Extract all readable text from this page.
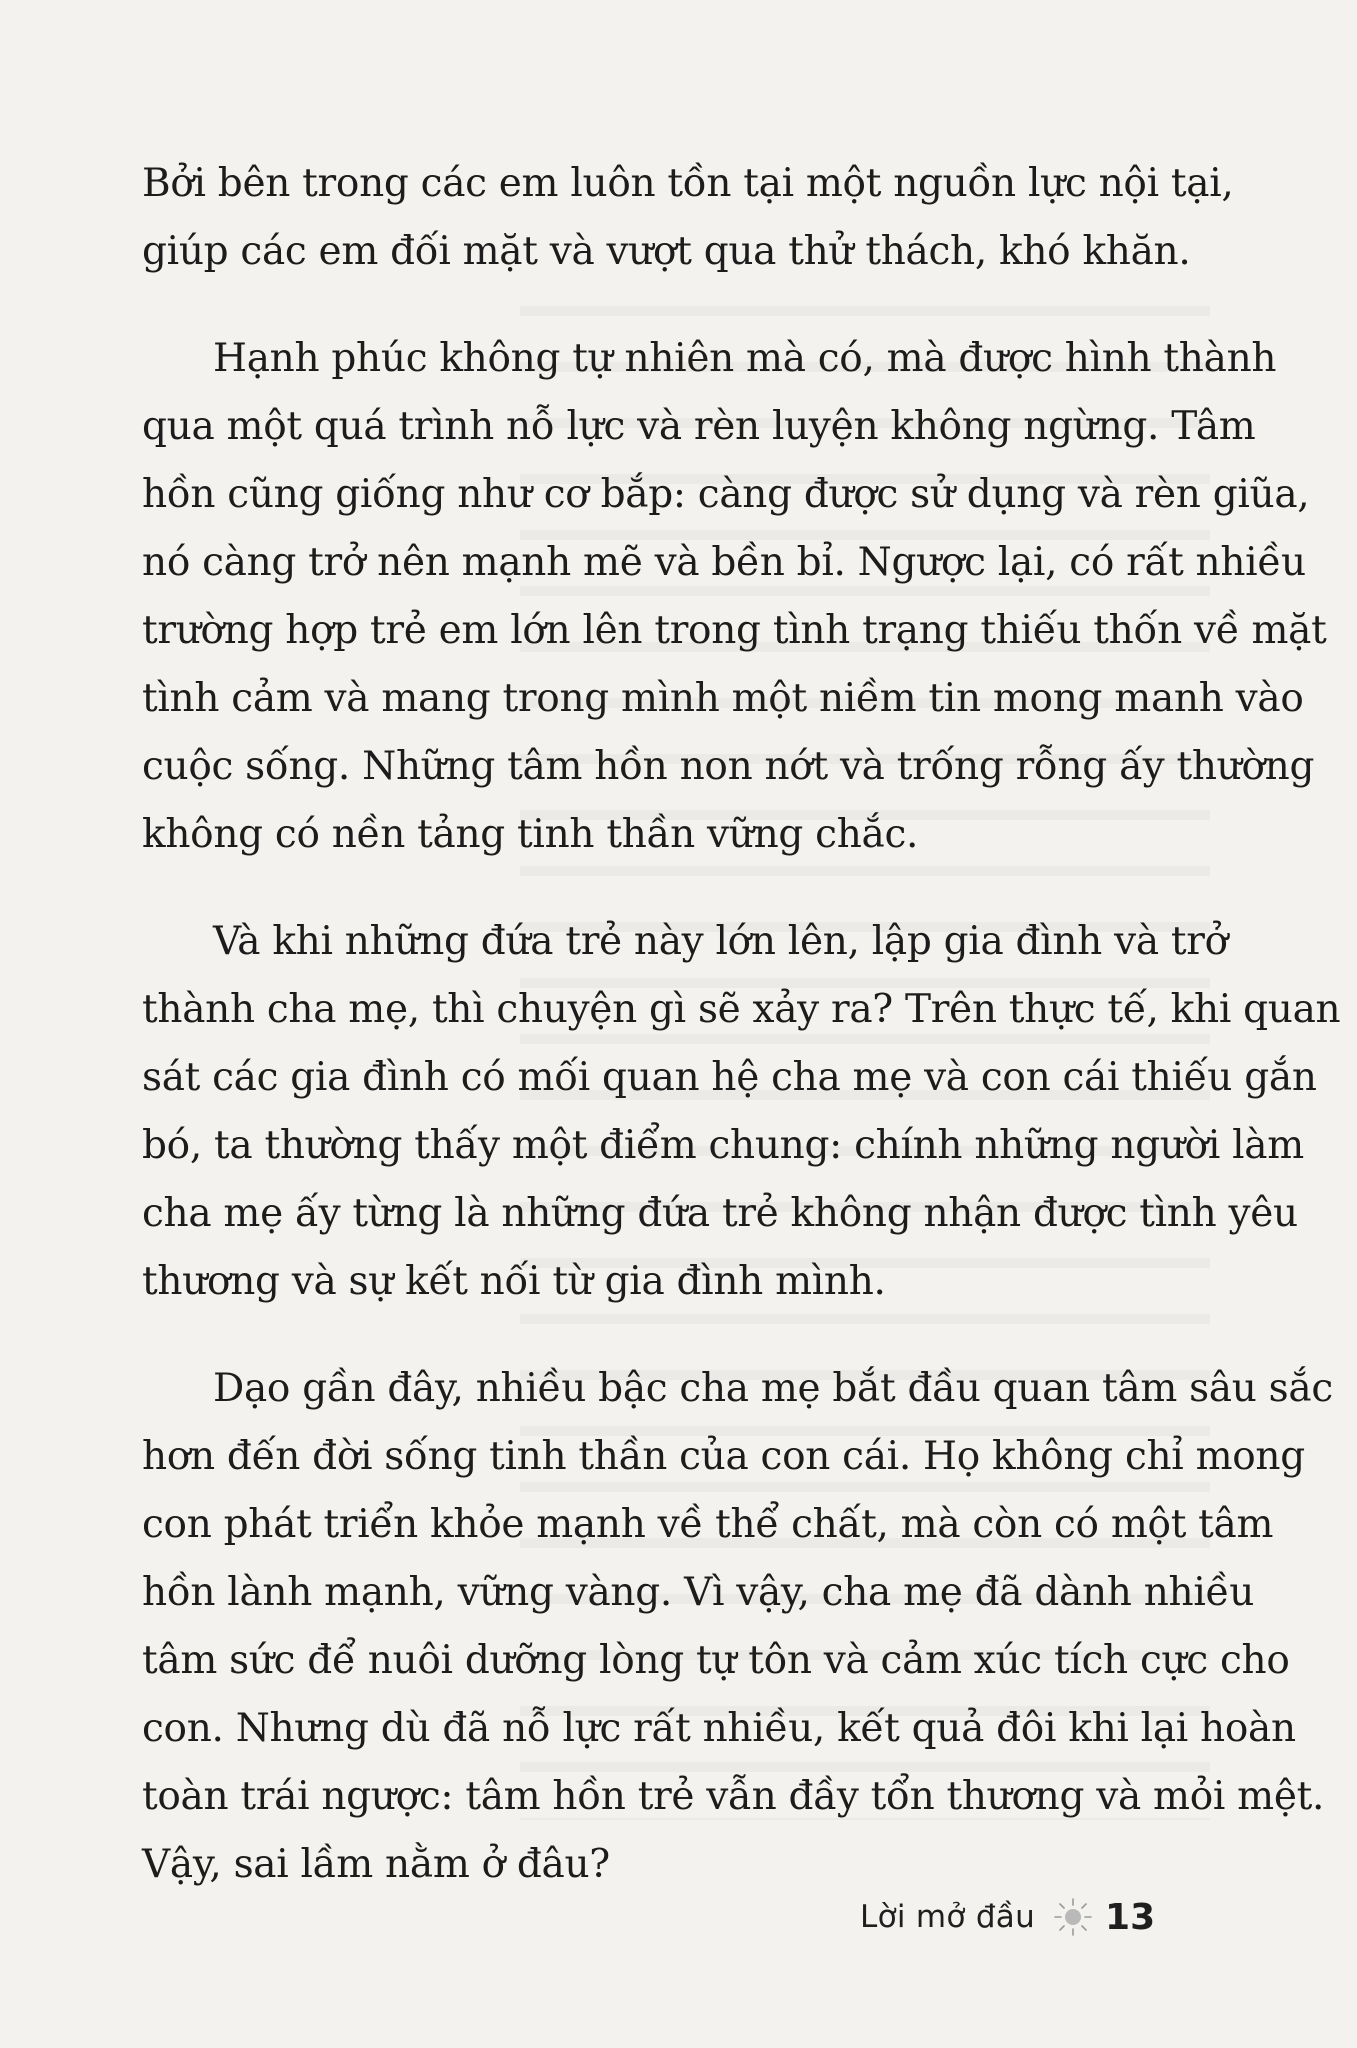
Bởi bên trong các em luôn tồn tại một nguồn lực nội tại,
giúp các em đối mặt và vượt qua thử thách, khó khăn.

Hạnh phúc không tự nhiên mà có, mà được hình thành
qua một quá trình nỗ lực và rèn luyện không ngừng. Tâm
hồn cũng giống như cơ bắp: càng được sử dụng và rèn giũa,
nó càng trở nên mạnh mẽ và bền bỉ. Ngược lại, có rất nhiều
trường hợp trẻ em lớn lên trong tình trạng thiếu thốn về mặt
tình cảm và mang trong mình một niềm tin mong manh vào
cuộc sống. Những tâm hồn non nớt và trống rỗng ấy thường
không có nền tảng tinh thần vững chắc.

Và khi những đứa trẻ này lớn lên, lập gia đình và trở
thành cha mẹ, thì chuyện gì sẽ xảy ra? Trên thực tế, khi quan
sát các gia đình có mối quan hệ cha mẹ và con cái thiếu gắn
bó, ta thường thấy một điểm chung: chính những người làm
cha mẹ ấy từng là những đứa trẻ không nhận được tình yêu
thương và sự kết nối từ gia đình mình.

Dạo gần đây, nhiều bậc cha mẹ bắt đầu quan tâm sâu sắc
hơn đến đời sống tinh thần của con cái. Họ không chỉ mong
con phát triển khỏe mạnh về thể chất, mà còn có một tâm
hồn lành mạnh, vững vàng. Vì vậy, cha mẹ đã dành nhiều
tâm sức để nuôi dưỡng lòng tự tôn và cảm xúc tích cực cho
con. Nhưng dù đã nỗ lực rất nhiều, kết quả đôi khi lại hoàn
toàn trái ngược: tâm hồn trẻ vẫn đầy tổn thương và mỏi mệt.
Vậy, sai lầm nằm ở đâu?

Lời mở đầu 13
